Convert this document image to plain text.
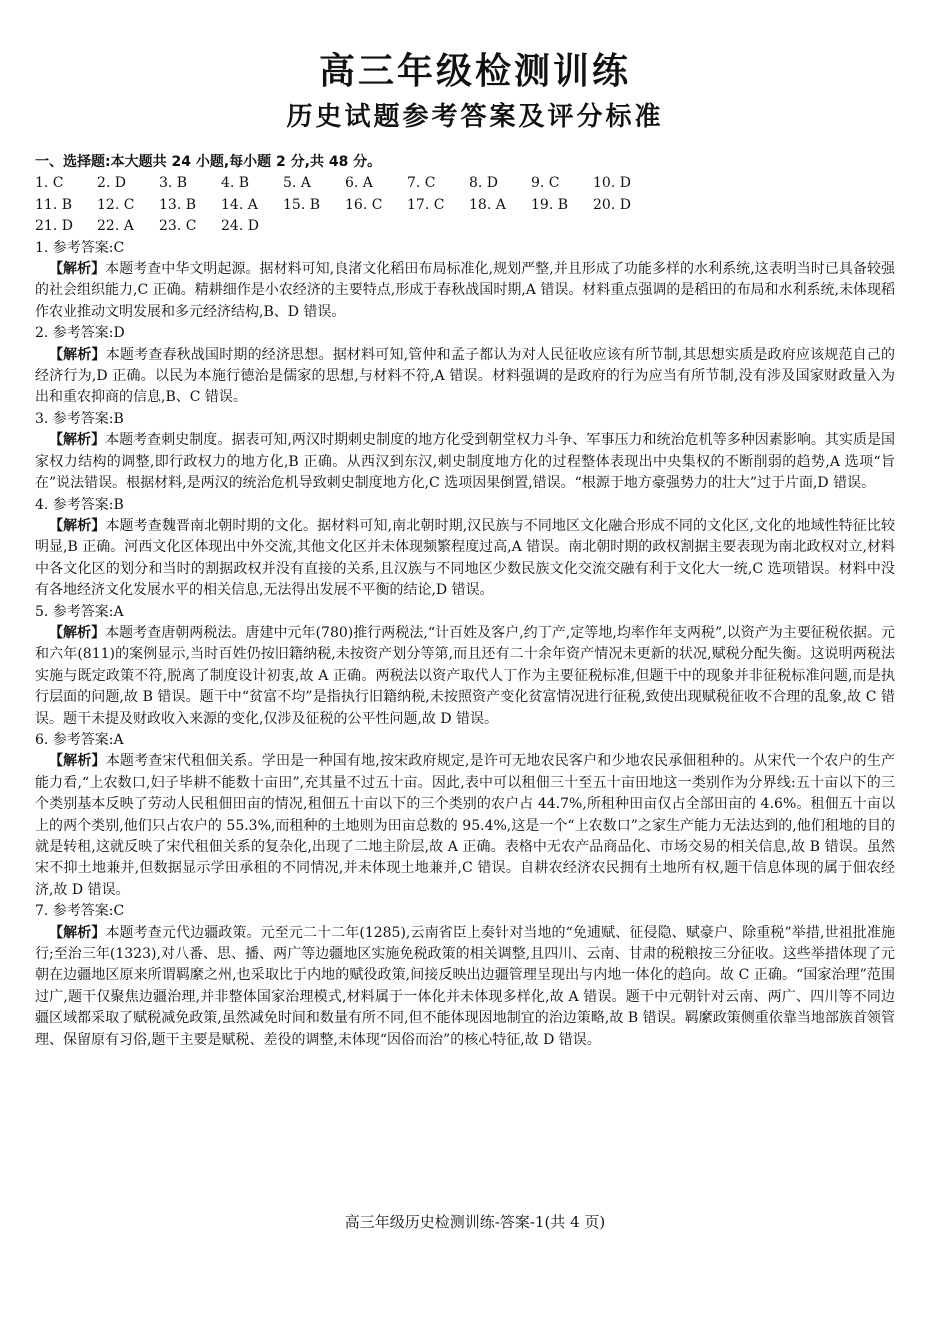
高三年级检测训练
历史试题参考答案及评分标准
一、选择题:本大题共 24 小题,每小题 2 分,共 48 分。
1. C	2. D	3. B	4. B	5. A	6. A	7. C	8. D	9. C	10. D
11. B	12. C	13. B	14. A	15. B	16. C	17. C	18. A	19. B	20. D
21. D	22. A	23. C	24. D
1. 参考答案:C
【解析】本题考查中华文明起源。据材料可知,良渚文化稻田布局标准化,规划严整,并且形成了功能多样的水利系统,这表明当时已具备较强的社会组织能力,C 正确。精耕细作是小农经济的主要特点,形成于春秋战国时期,A 错误。材料重点强调的是稻田的布局和水利系统,未体现稻作农业推动文明发展和多元经济结构,B、D 错误。
2. 参考答案:D
【解析】本题考查春秋战国时期的经济思想。据材料可知,管仲和孟子都认为对人民征收应该有所节制,其思想实质是政府应该规范自己的经济行为,D 正确。以民为本施行德治是儒家的思想,与材料不符,A 错误。材料强调的是政府的行为应当有所节制,没有涉及国家财政量入为出和重农抑商的信息,B、C 错误。
3. 参考答案:B
【解析】本题考查刺史制度。据表可知,两汉时期刺史制度的地方化受到朝堂权力斗争、军事压力和统治危机等多种因素影响。其实质是国家权力结构的调整,即行政权力的地方化,B 正确。从西汉到东汉,刺史制度地方化的过程整体表现出中央集权的不断削弱的趋势,A 选项“旨在”说法错误。根据材料,是两汉的统治危机导致刺史制度地方化,C 选项因果倒置,错误。“根源于地方豪强势力的壮大”过于片面,D 错误。
4. 参考答案:B
【解析】本题考查魏晋南北朝时期的文化。据材料可知,南北朝时期,汉民族与不同地区文化融合形成不同的文化区,文化的地域性特征比较明显,B 正确。河西文化区体现出中外交流,其他文化区并未体现频繁程度过高,A 错误。南北朝时期的政权割据主要表现为南北政权对立,材料中各文化区的划分和当时的割据政权并没有直接的关系,且汉族与不同地区少数民族文化交流交融有利于文化大一统,C 选项错误。材料中没有各地经济文化发展水平的相关信息,无法得出发展不平衡的结论,D 错误。
5. 参考答案:A
【解析】本题考查唐朝两税法。唐建中元年(780)推行两税法,“计百姓及客户,约丁产,定等地,均率作年支两税”,以资产为主要征税依据。元和六年(811)的案例显示,当时百姓仍按旧籍纳税,未按资产划分等第,而且还有二十余年资产情况未更新的状况,赋税分配失衡。这说明两税法实施与既定政策不符,脱离了制度设计初衷,故 A 正确。两税法以资产取代人丁作为主要征税标准,但题干中的现象并非征税标准问题,而是执行层面的问题,故 B 错误。题干中“贫富不均”是指执行旧籍纳税,未按照资产变化贫富情况进行征税,致使出现赋税征收不合理的乱象,故 C 错误。题干未提及财政收入来源的变化,仅涉及征税的公平性问题,故 D 错误。
6. 参考答案:A
【解析】本题考查宋代租佃关系。学田是一种国有地,按宋政府规定,是许可无地农民客户和少地农民承佃租种的。从宋代一个农户的生产能力看,“上农数口,妇子毕耕不能数十亩田”,充其量不过五十亩。因此,表中可以租佃三十至五十亩田地这一类别作为分界线:五十亩以下的三个类别基本反映了劳动人民租佃田亩的情况,租佃五十亩以下的三个类别的农户占 44.7%,所租种田亩仅占全部田亩的 4.6%。租佃五十亩以上的两个类别,他们只占农户的 55.3%,而租种的土地则为田亩总数的 95.4%,这是一个“上农数口”之家生产能力无法达到的,他们租地的目的就是转租,这就反映了宋代租佃关系的复杂化,出现了二地主阶层,故 A 正确。表格中无农产品商品化、市场交易的相关信息,故 B 错误。虽然宋不抑土地兼并,但数据显示学田承租的不同情况,并未体现土地兼并,C 错误。自耕农经济农民拥有土地所有权,题干信息体现的属于佃农经济,故 D 错误。
7. 参考答案:C
【解析】本题考查元代边疆政策。元至元二十二年(1285),云南省臣上奏针对当地的“免逋赋、征侵隐、赋豪户、除重税”举措,世祖批准施行;至治三年(1323),对八番、思、播、两广等边疆地区实施免税政策的相关调整,且四川、云南、甘肃的税粮按三分征收。这些举措体现了元朝在边疆地区原来所谓羁縻之州,也采取比于内地的赋役政策,间接反映出边疆管理呈现出与内地一体化的趋向。故 C 正确。“国家治理”范围过广,题干仅聚焦边疆治理,并非整体国家治理模式,材料属于一体化并未体现多样化,故 A 错误。题干中元朝针对云南、两广、四川等不同边疆区域都采取了赋税减免政策,虽然减免时间和数量有所不同,但不能体现因地制宜的治边策略,故 B 错误。羁縻政策侧重依靠当地部族首领管理、保留原有习俗,题干主要是赋税、差役的调整,未体现“因俗而治”的核心特征,故 D 错误。
高三年级历史检测训练-答案-1(共 4 页)
